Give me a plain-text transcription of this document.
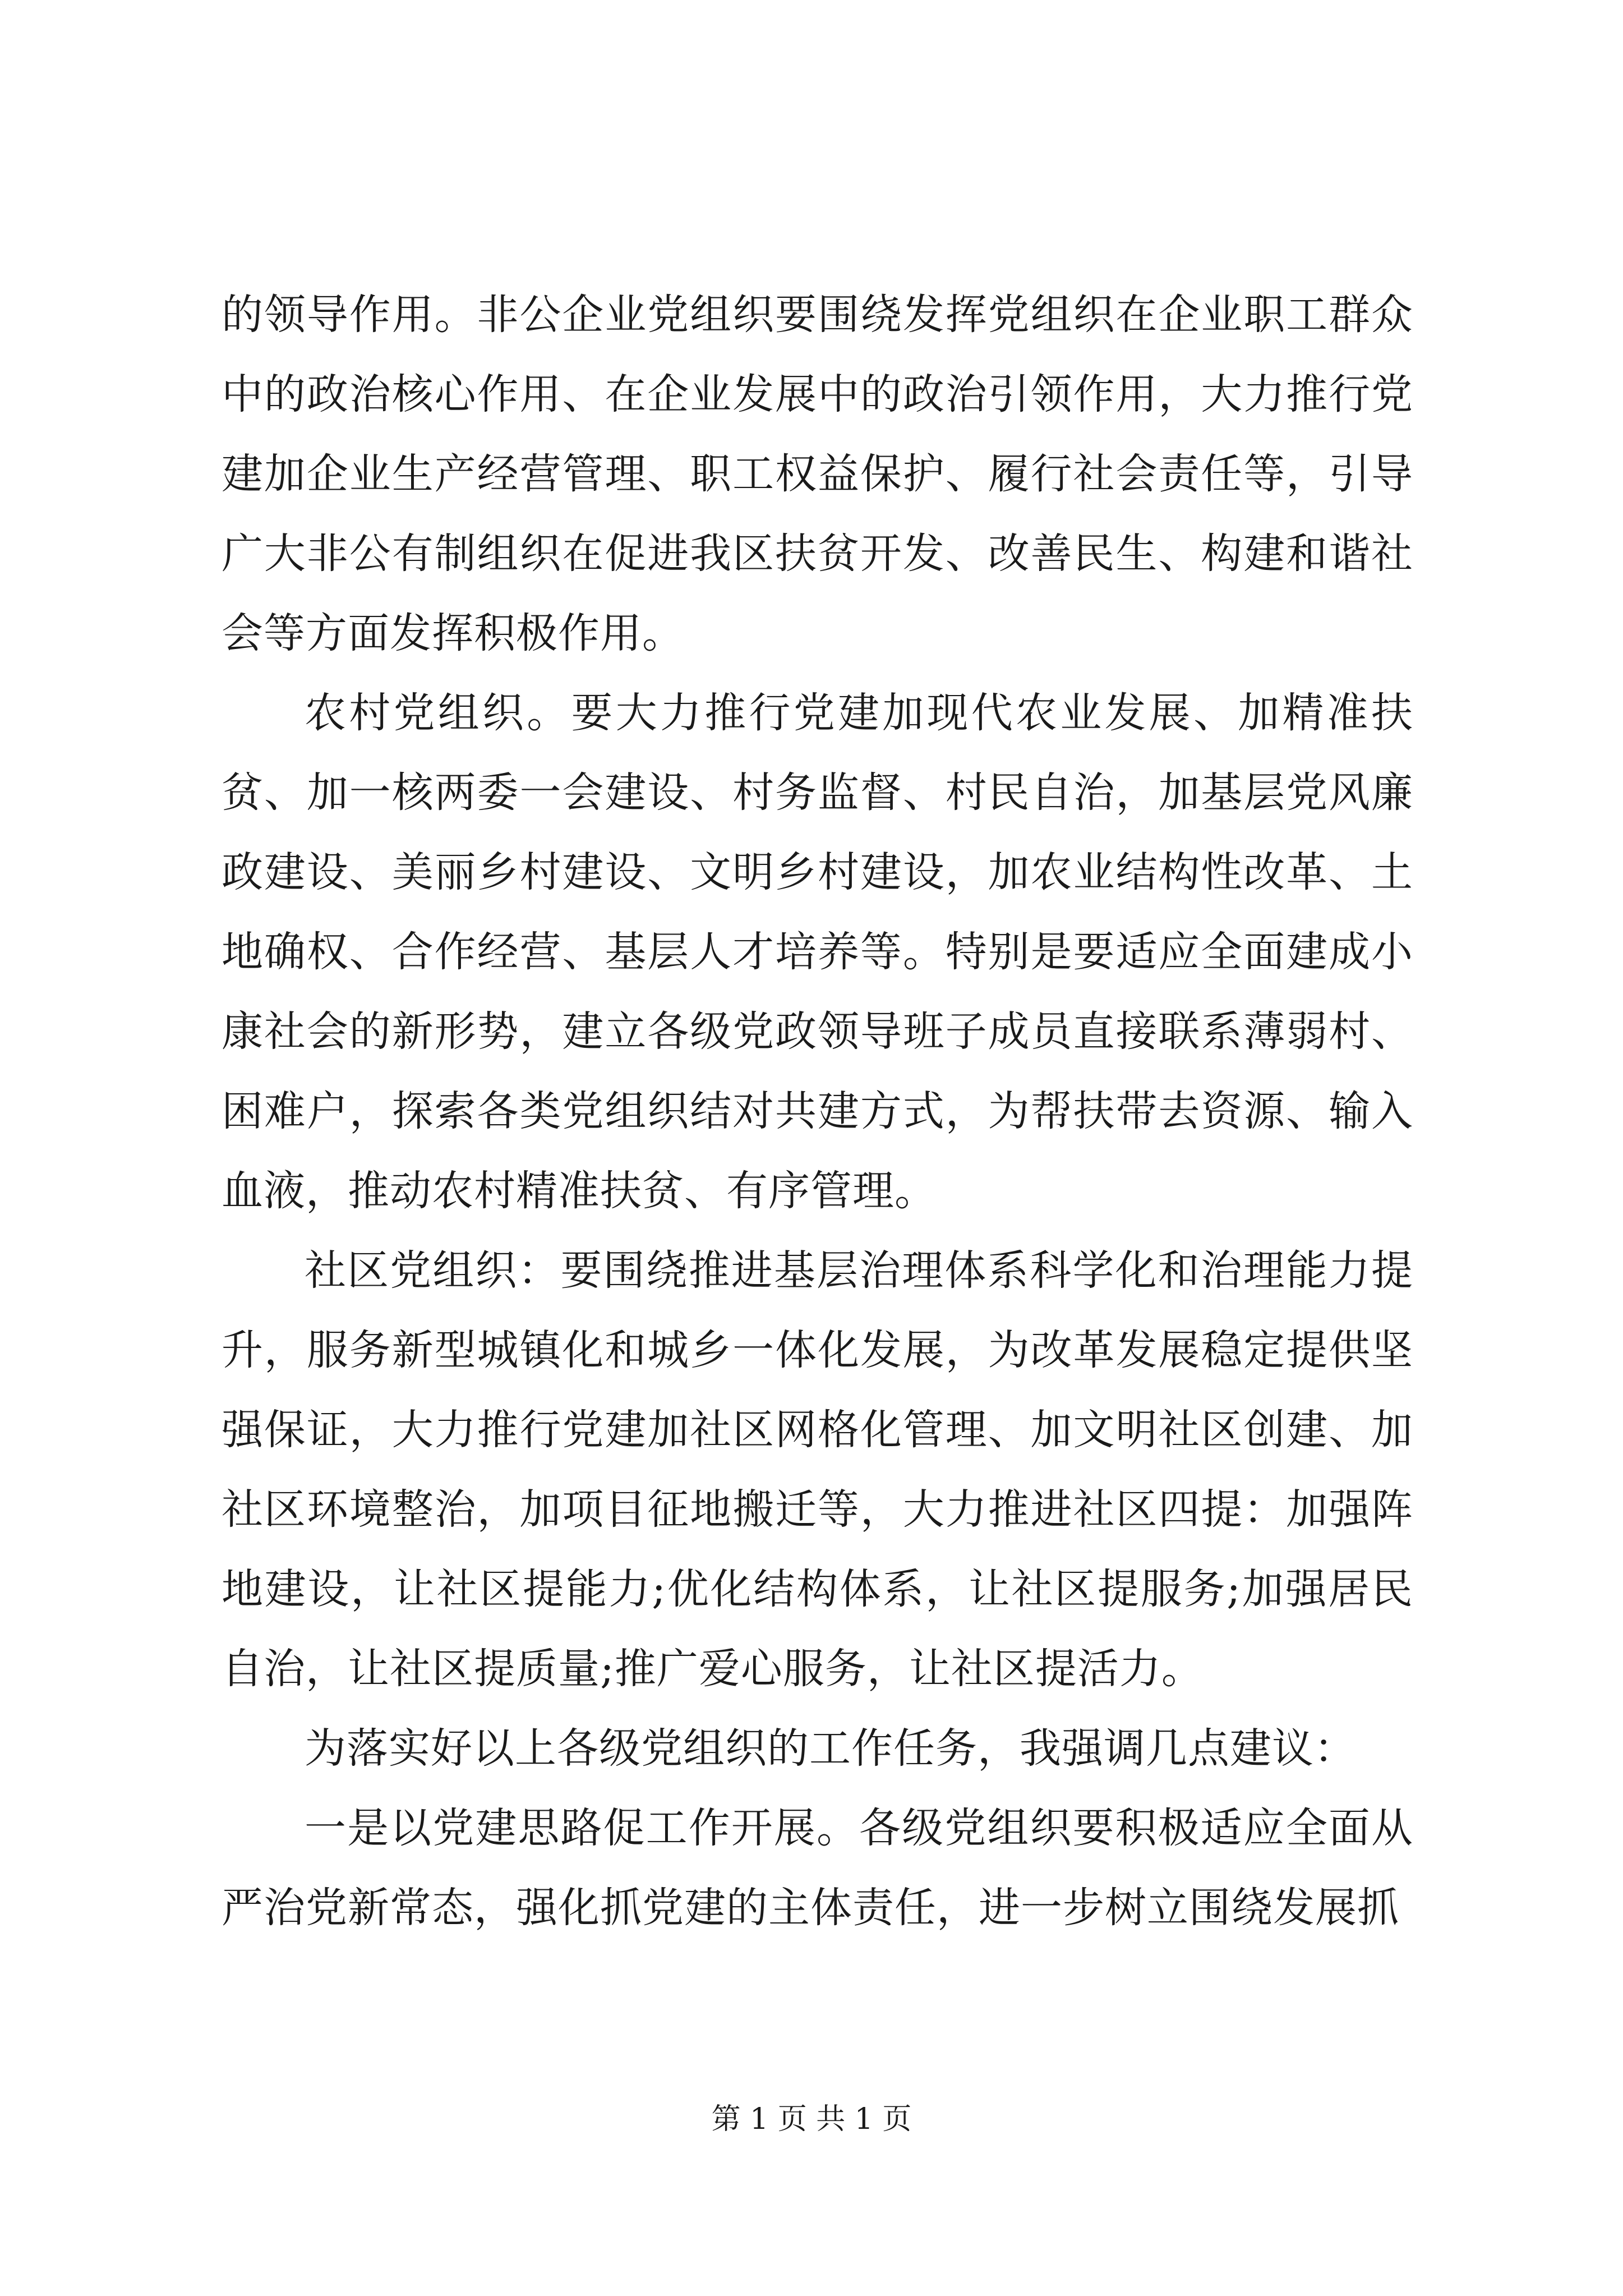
的领导作用。非公企业党组织要围绕发挥党组织在企业职工群众中的政治核心作用、在企业发展中的政治引领作用，大力推行党建加企业生产经营管理、职工权益保护、履行社会责任等，引导广大非公有制组织在促进我区扶贫开发、改善民生、构建和谐社会等方面发挥积极作用。

农村党组织。要大力推行党建加现代农业发展、加精准扶贫、加一核两委一会建设、村务监督、村民自治，加基层党风廉政建设、美丽乡村建设、文明乡村建设，加农业结构性改革、土地确权、合作经营、基层人才培养等。特别是要适应全面建成小康社会的新形势，建立各级党政领导班子成员直接联系薄弱村、困难户，探索各类党组织结对共建方式，为帮扶带去资源、输入血液，推动农村精准扶贫、有序管理。

社区党组织：要围绕推进基层治理体系科学化和治理能力提升，服务新型城镇化和城乡一体化发展，为改革发展稳定提供坚强保证，大力推行党建加社区网格化管理、加文明社区创建、加社区环境整治，加项目征地搬迁等，大力推进社区四提：加强阵地建设，让社区提能力;优化结构体系，让社区提服务;加强居民自治，让社区提质量;推广爱心服务，让社区提活力。

为落实好以上各级党组织的工作任务，我强调几点建议：

一是以党建思路促工作开展。各级党组织要积极适应全面从严治党新常态，强化抓党建的主体责任，进一步树立围绕发展抓

第 1 页 共 1 页
